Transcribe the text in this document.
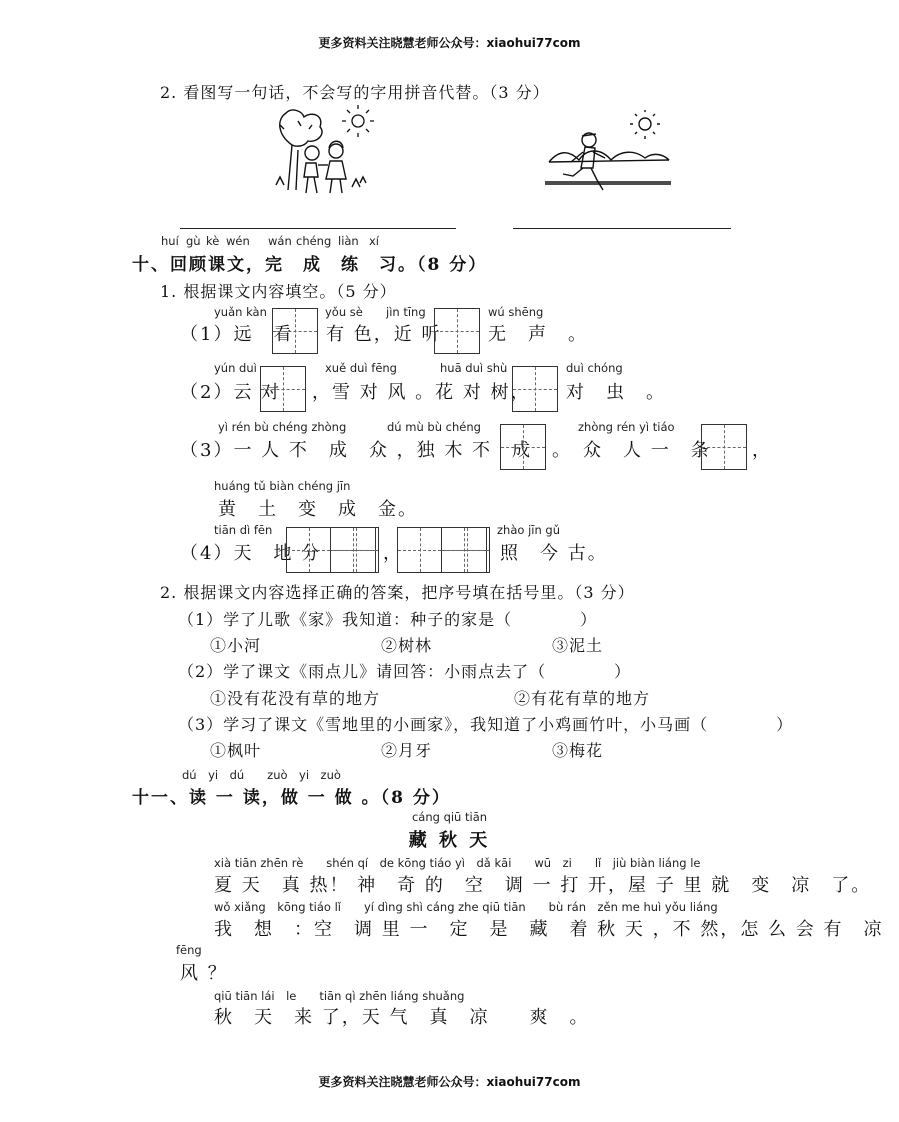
更多资料关注晓慧老师公众号：xiaohui77com
2. 看图写一句话，不会写的字用拼音代替。（3 分）
huí gù kè wén wán chéng liàn xí
十、回顾课文，完　成　练　习。（8 分）
1. 根据课文内容填空。（5 分）
yuǎn kàn	yǒu sè jìn tīng	wú shēng
（1）远　看 有 色，近 听	无　声　。
yún duì	xuě duì fēng	huā duì shù	duì chóng
（2）云 对 ，雪 对 风 。花 对 树， 对　虫　。
yì rén bù chéng zhòng	dú mù bù chéng	zhòng rén yì tiáo
（3）一 人 不　成　众 ，独 木 不　成 。　众　人 一　条 ，
huáng tǔ biàn chéng jīn
黄　土　变　成　金。
tiān dì fēn	zhào jīn gǔ
（4）天　地 分	，	照　今 古。
2. 根据课文内容选择正确的答案，把序号填在括号里。（3 分）
（1）学了儿歌《家》我知道：种子的家是（　　　　）
①小河	②树林	③泥土
（2）学了课文《雨点儿》请回答：小雨点去了（　　　　）
①没有花没有草的地方	②有花有草的地方
（3）学习了课文《雪地里的小画家》，我知道了小鸡画竹叶，小马画（　　　　）
①枫叶	②月牙	③梅花
dú　yi　dú　　zuò　yi　zuò
十一、读 一 读，做 一 做 。（8 分）
cáng qiū tiān
藏 秋 天
xià tiān zhēn rè　　shén qí　de kōng tiáo yì　dǎ kāi　　wū　zi　　lǐ　jiù biàn liáng le
夏 天　真 热！ 神　奇 的　空　调 一 打 开，屋 子 里 就　变　凉　了。
wǒ xiǎng　kōng tiáo lǐ　　yí dìng shì cáng zhe qiū tiān　　bù rán　zěn me huì yǒu liáng
我　想　：空　调 里 一　定　是　藏　着 秋 天 ，不 然，怎 么 会 有　凉
fēng
风 ？
qiū tiān lái　le　　tiān qì zhēn liáng shuǎng
秋　天　来 了，天 气　真　凉　　爽　。
更多资料关注晓慧老师公众号：xiaohui77com
